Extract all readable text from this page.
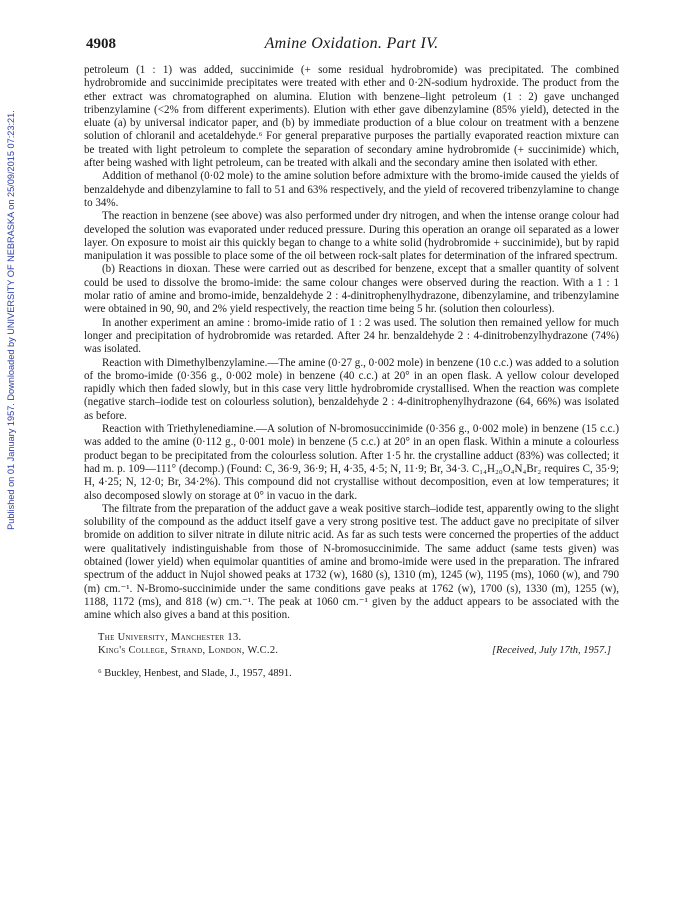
Published on 01 January 1957. Downloaded by UNIVERSITY OF NEBRASKA on 25/09/2015 07:23:21.
4908	Amine Oxidation. Part IV.

petroleum (1 : 1) was added, succinimide (+ some residual hydrobromide) was precipitated. The combined hydrobromide and succinimide precipitates were treated with ether and 0·2N-sodium hydroxide. The product from the ether extract was chromatographed on alumina. Elution with benzene–light petroleum (1 : 2) gave unchanged tribenzylamine (<2% from different experiments). Elution with ether gave dibenzylamine (85% yield), detected in the eluate (a) by universal indicator paper, and (b) by immediate production of a blue colour on treatment with a benzene solution of chloranil and acetaldehyde.⁶ For general preparative purposes the partially evaporated reaction mixture can be treated with light petroleum to complete the separation of secondary amine hydrobromide (+ succinimide) which, after being washed with light petroleum, can be treated with alkali and the secondary amine then isolated with ether.

Addition of methanol (0·02 mole) to the amine solution before admixture with the bromo-imide caused the yields of benzaldehyde and dibenzylamine to fall to 51 and 63% respectively, and the yield of recovered tribenzylamine to change to 34%.

The reaction in benzene (see above) was also performed under dry nitrogen, and when the intense orange colour had developed the solution was evaporated under reduced pressure. During this operation an orange oil separated as a lower layer. On exposure to moist air this quickly began to change to a white solid (hydrobromide + succinimide), but by rapid manipulation it was possible to place some of the oil between rock-salt plates for determination of the infrared spectrum.

(b) Reactions in dioxan. These were carried out as described for benzene, except that a smaller quantity of solvent could be used to dissolve the bromo-imide: the same colour changes were observed during the reaction. With a 1 : 1 molar ratio of amine and bromo-imide, benzaldehyde 2 : 4-dinitrophenylhydrazone, dibenzylamine, and tribenzylamine were obtained in 90, 90, and 2% yield respectively, the reaction time being 5 hr. (solution then colourless).

In another experiment an amine : bromo-imide ratio of 1 : 2 was used. The solution then remained yellow for much longer and precipitation of hydrobromide was retarded. After 24 hr. benzaldehyde 2 : 4-dinitrobenzylhydrazone (74%) was isolated.

Reaction with Dimethylbenzylamine.—The amine (0·27 g., 0·002 mole) in benzene (10 c.c.) was added to a solution of the bromo-imide (0·356 g., 0·002 mole) in benzene (40 c.c.) at 20° in an open flask. A yellow colour developed rapidly which then faded slowly, but in this case very little hydrobromide crystallised. When the reaction was complete (negative starch–iodide test on colourless solution), benzaldehyde 2 : 4-dinitrophenylhydrazone (64, 66%) was isolated as before.

Reaction with Triethylenediamine.—A solution of N-bromosuccinimide (0·356 g., 0·002 mole) in benzene (15 c.c.) was added to the amine (0·112 g., 0·001 mole) in benzene (5 c.c.) at 20° in an open flask. Within a minute a colourless product began to be precipitated from the colourless solution. After 1·5 hr. the crystalline adduct (83%) was collected; it had m. p. 109—111° (decomp.) (Found: C, 36·9, 36·9; H, 4·35, 4·5; N, 11·9; Br, 34·3. C₁₄H₂₀O₄N₄Br₂ requires C, 35·9; H, 4·25; N, 12·0; Br, 34·2%). This compound did not crystallise without decomposition, even at low temperatures; it also decomposed slowly on storage at 0° in vacuo in the dark.

The filtrate from the preparation of the adduct gave a weak positive starch–iodide test, apparently owing to the slight solubility of the compound as the adduct itself gave a very strong positive test. The adduct gave no precipitate of silver bromide on addition to silver nitrate in dilute nitric acid. As far as such tests were concerned the properties of the adduct were qualitatively indistinguishable from those of N-bromosuccinimide. The same adduct (same tests given) was obtained (lower yield) when equimolar quantities of amine and bromo-imide were used in the preparation. The infrared spectrum of the adduct in Nujol showed peaks at 1732 (w), 1680 (s), 1310 (m), 1245 (w), 1195 (ms), 1060 (w), and 790 (m) cm.⁻¹. N-Bromo-succinimide under the same conditions gave peaks at 1762 (w), 1700 (s), 1330 (m), 1255 (w), 1188, 1172 (ms), and 818 (w) cm.⁻¹. The peak at 1060 cm.⁻¹ given by the adduct appears to be associated with the amine which also gives a band at this position.

The University, Manchester 13.
King's College, Strand, London, W.C.2.	[Received, July 17th, 1957.]
⁶ Buckley, Henbest, and Slade, J., 1957, 4891.
